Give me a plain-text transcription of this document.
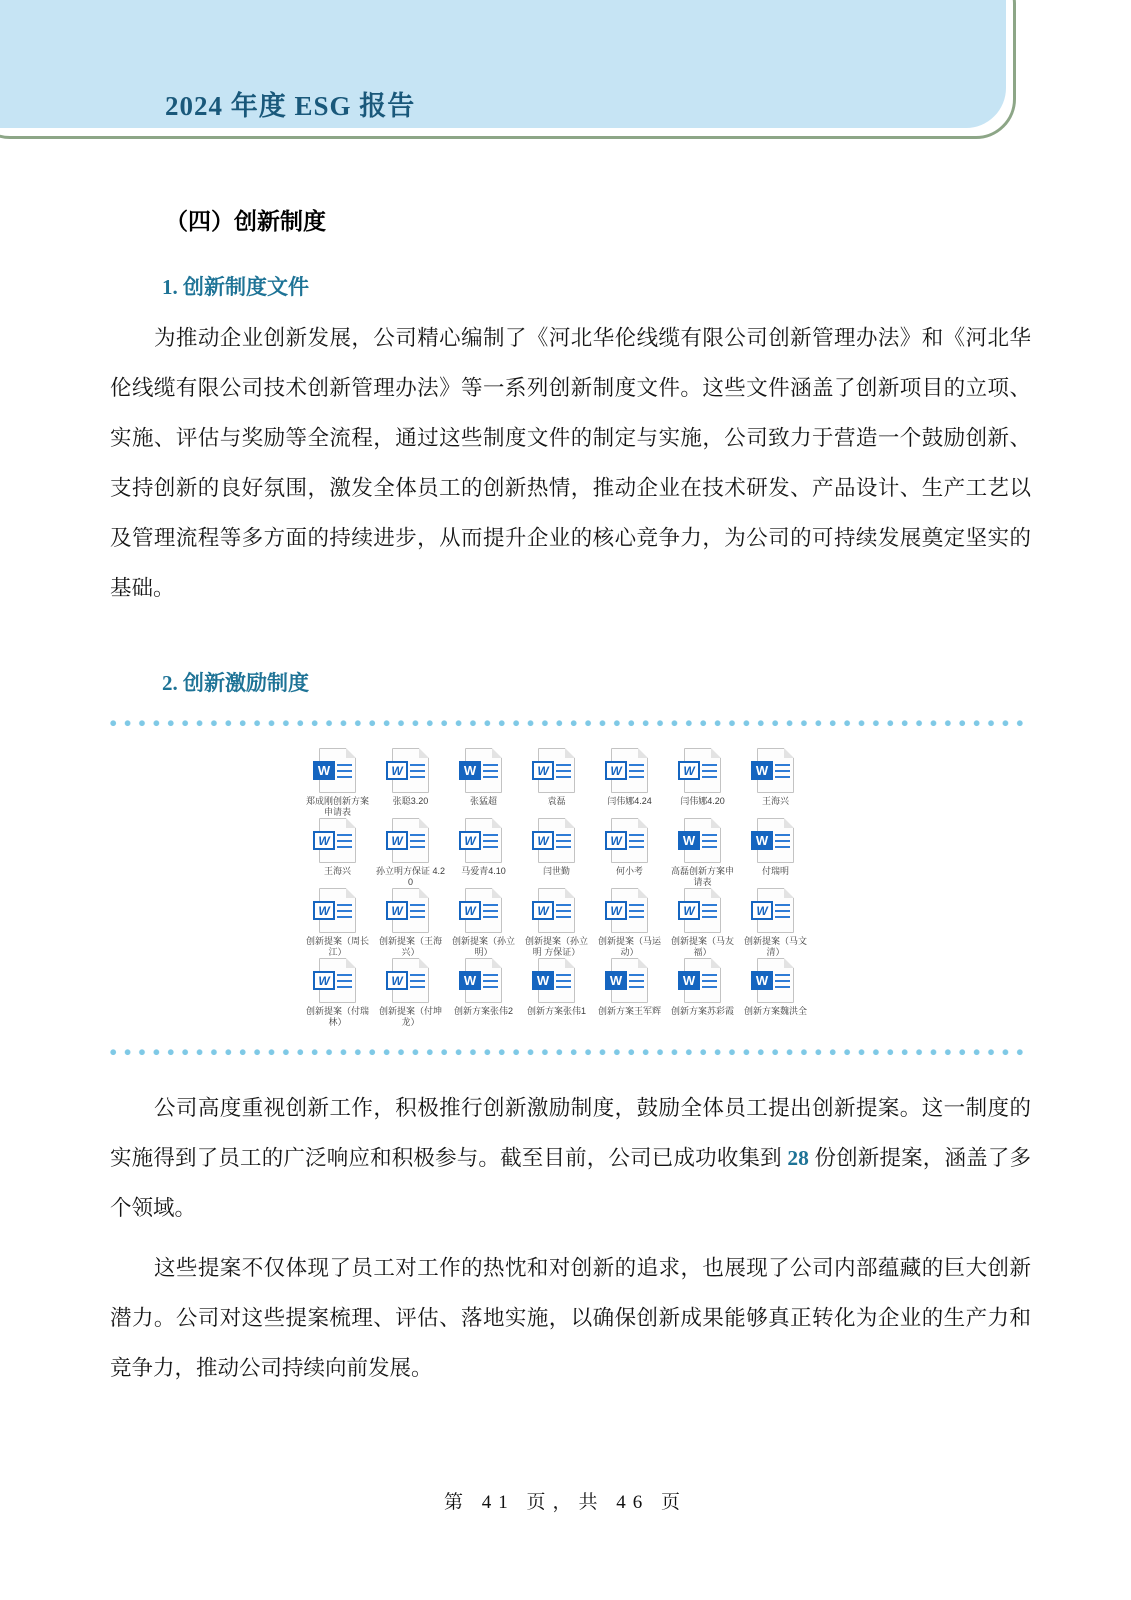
2024 年度 ESG 报告
（四）创新制度
1. 创新制度文件
为推动企业创新发展，公司精心编制了《河北华伦线缆有限公司创新管理办法》和《河北华伦线缆有限公司技术创新管理办法》等一系列创新制度文件。这些文件涵盖了创新项目的立项、实施、评估与奖励等全流程，通过这些制度文件的制定与实施，公司致力于营造一个鼓励创新、支持创新的良好氛围，激发全体员工的创新热情，推动企业在技术研发、产品设计、生产工艺以及管理流程等多方面的持续进步，从而提升企业的核心竞争力，为公司的可持续发展奠定坚实的基础。
2. 创新激励制度
W
郑成刚创新方案申请表
W
张聪3.20
W
张猛超
W
袁磊
W
闫伟娜4.24
W
闫伟娜4.20
W
王海兴
W
王海兴
W
孙立明方保证 4.20
W
马爱青4.10
W
闫世勤
W
何小考
W
高磊创新方案申请表
W
付瑞明
W
创新提案（周长江）
W
创新提案（王海兴）
W
创新提案（孙立明）
W
创新提案（孙立明 方保证）
W
创新提案（马运动）
W
创新提案（马友福）
W
创新提案（马文清）
W
创新提案（付瑞林）
W
创新提案（付坤龙）
W
创新方案张伟2
W
创新方案张伟1
W
创新方案王军辉
W
创新方案苏彩霞
W
创新方案魏洪全
公司高度重视创新工作，积极推行创新激励制度，鼓励全体员工提出创新提案。这一制度的实施得到了员工的广泛响应和积极参与。截至目前，公司已成功收集到 28 份创新提案，涵盖了多个领域。
这些提案不仅体现了员工对工作的热忱和对创新的追求，也展现了公司内部蕴藏的巨大创新潜力。公司对这些提案梳理、评估、落地实施，以确保创新成果能够真正转化为企业的生产力和竞争力，推动公司持续向前发展。
第 41 页，共 46 页
